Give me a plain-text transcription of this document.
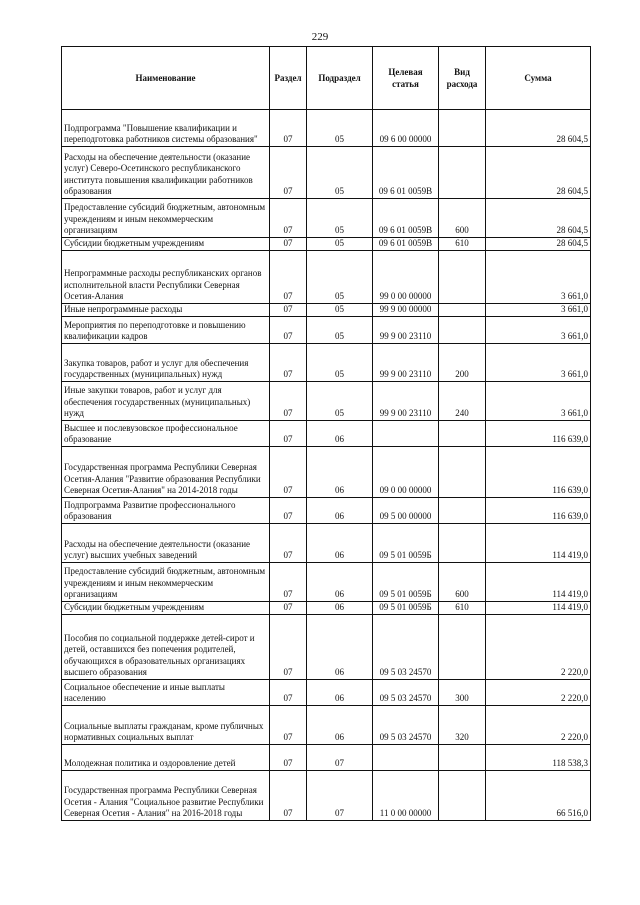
229
Наименование	Раздел	Подраздел	Целевая статья	Вид расхода	Сумма
Подпрограмма "Повышение квалификации и переподготовка работников системы образования"	07	05	09 6 00 00000		28 604,5
Расходы на обеспечение деятельности (оказание услуг) Северо-Осетинского республиканского института повышения квалификации работников образования	07	05	09 6 01 0059В		28 604,5
Предоставление субсидий бюджетным, автономным учреждениям и иным некоммерческим организациям	07	05	09 6 01 0059В	600	28 604,5
Субсидии бюджетным учреждениям	07	05	09 6 01 0059В	610	28 604,5
Непрограммные расходы республиканских органов исполнительной власти Республики Северная Осетия-Алания	07	05	99 0 00 00000		3 661,0
Иные непрограммные расходы	07	05	99 9 00 00000		3 661,0
Мероприятия по переподготовке и повышению квалификации кадров	07	05	99 9 00 23110		3 661,0
Закупка товаров, работ и услуг для обеспечения государственных (муниципальных) нужд	07	05	99 9 00 23110	200	3 661,0
Иные закупки товаров, работ и услуг для обеспечения государственных (муниципальных) нужд	07	05	99 9 00 23110	240	3 661,0
Высшее и послевузовское профессиональное образование	07	06			116 639,0
Государственная программа Республики Северная Осетия-Алания "Развитие образования Республики Северная Осетия-Алания" на 2014-2018 годы	07	06	09 0 00 00000		116 639,0
Подпрограмма Развитие профессионального образования	07	06	09 5 00 00000		116 639,0
Расходы на обеспечение деятельности (оказание услуг) высших учебных заведений	07	06	09 5 01 0059Б		114 419,0
Предоставление субсидий бюджетным, автономным учреждениям и иным некоммерческим организациям	07	06	09 5 01 0059Б	600	114 419,0
Субсидии бюджетным учреждениям	07	06	09 5 01 0059Б	610	114 419,0
Пособия по социальной поддержке детей-сирот и детей, оставшихся без попечения родителей, обучающихся в образовательных организациях высшего образования	07	06	09 5 03 24570		2 220,0
Социальное обеспечение и иные выплаты населению	07	06	09 5 03 24570	300	2 220,0
Социальные выплаты гражданам, кроме публичных нормативных социальных выплат	07	06	09 5 03 24570	320	2 220,0
Молодежная политика и оздоровление детей	07	07			118 538,3
Государственная программа Республики Северная Осетия - Алания "Социальное развитие Республики Северная Осетия - Алания" на 2016-2018 годы	07	07	11 0 00 00000		66 516,0
